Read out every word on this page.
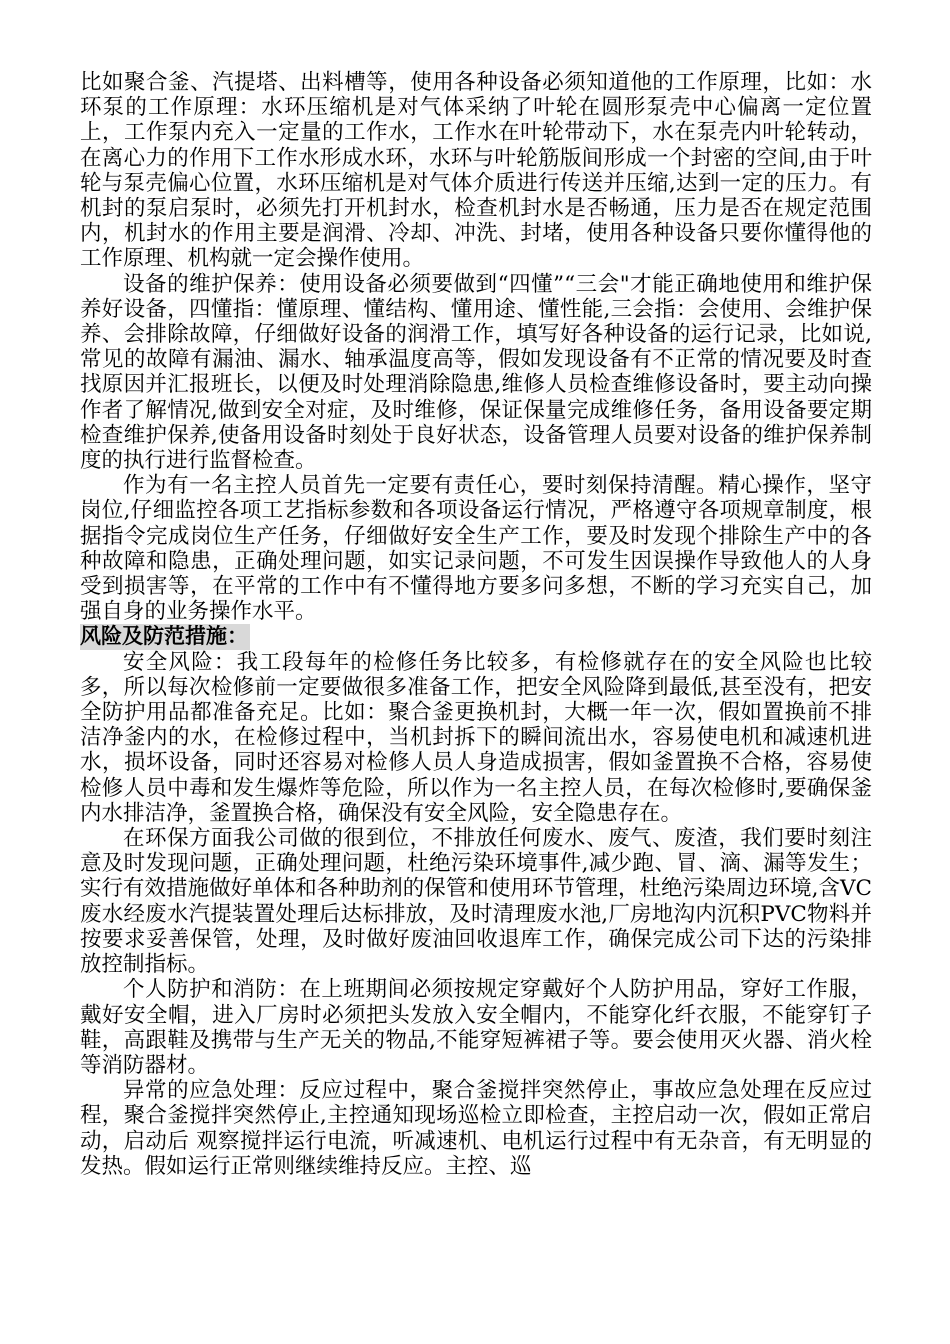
比如聚合釜、汽提塔、出料槽等，使用各种设备必须知道他的工作原理，比如：水环泵的工作原理：水环压缩机是对气体采纳了叶轮在圆形泵壳中心偏离一定位置上，工作泵内充入一定量的工作水，工作水在叶轮带动下，水在泵壳内叶轮转动，在离心力的作用下工作水形成水环，水环与叶轮筋版间形成一个封密的空间,由于叶轮与泵壳偏心位置，水环压缩机是对气体介质进行传送并压缩,达到一定的压力。有机封的泵启泵时，必须先打开机封水，检查机封水是否畅通，压力是否在规定范围内，机封水的作用主要是润滑、冷却、冲洗、封堵，使用各种设备只要你懂得他的工作原理、机构就一定会操作使用。

设备的维护保养：使用设备必须要做到“四懂”“三会"才能正确地使用和维护保养好设备，四懂指：懂原理、懂结构、懂用途、懂性能,三会指：会使用、会维护保养、会排除故障，仔细做好设备的润滑工作，填写好各种设备的运行记录，比如说,常见的故障有漏油、漏水、轴承温度高等，假如发现设备有不正常的情况要及时查找原因并汇报班长，以便及时处理消除隐患,维修人员检查维修设备时，要主动向操作者了解情况,做到安全对症，及时维修，保证保量完成维修任务，备用设备要定期检查维护保养,使备用设备时刻处于良好状态，设备管理人员要对设备的维护保养制度的执行进行监督检查。

作为有一名主控人员首先一定要有责任心，要时刻保持清醒。精心操作，坚守岗位,仔细监控各项工艺指标参数和各项设备运行情况，严格遵守各项规章制度，根据指令完成岗位生产任务，仔细做好安全生产工作，要及时发现个排除生产中的各种故障和隐患，正确处理问题，如实记录问题，不可发生因误操作导致他人的人身受到损害等，在平常的工作中有不懂得地方要多问多想，不断的学习充实自己，加强自身的业务操作水平。

风险及防范措施：

安全风险：我工段每年的检修任务比较多，有检修就存在的安全风险也比较多，所以每次检修前一定要做很多准备工作，把安全风险降到最低,甚至没有，把安全防护用品都准备充足。比如：聚合釜更换机封，大概一年一次，假如置换前不排洁净釜内的水，在检修过程中，当机封拆下的瞬间流出水，容易使电机和减速机进水，损坏设备，同时还容易对检修人员人身造成损害，假如釜置换不合格，容易使检修人员中毒和发生爆炸等危险，所以作为一名主控人员，在每次检修时,要确保釜内水排洁净，釜置换合格，确保没有安全风险，安全隐患存在。

在环保方面我公司做的很到位，不排放任何废水、废气、废渣，我们要时刻注意及时发现问题，正确处理问题，杜绝污染环境事件,减少跑、冒、滴、漏等发生；实行有效措施做好单体和各种助剂的保管和使用环节管理，杜绝污染周边环境,含VC废水经废水汽提装置处理后达标排放，及时清理废水池,厂房地沟内沉积PVC物料并按要求妥善保管，处理，及时做好废油回收退库工作，确保完成公司下达的污染排放控制指标。

个人防护和消防：在上班期间必须按规定穿戴好个人防护用品，穿好工作服，戴好安全帽，进入厂房时必须把头发放入安全帽内，不能穿化纤衣服，不能穿钉子鞋，高跟鞋及携带与生产无关的物品,不能穿短裤裙子等。要会使用灭火器、消火栓等消防器材。

异常的应急处理：反应过程中，聚合釜搅拌突然停止，事故应急处理在反应过程，聚合釜搅拌突然停止,主控通知现场巡检立即检查，主控启动一次，假如正常启动，启动后 观察搅拌运行电流，听减速机、电机运行过程中有无杂音，有无明显的发热。假如运行正常则继续维持反应。主控、巡
